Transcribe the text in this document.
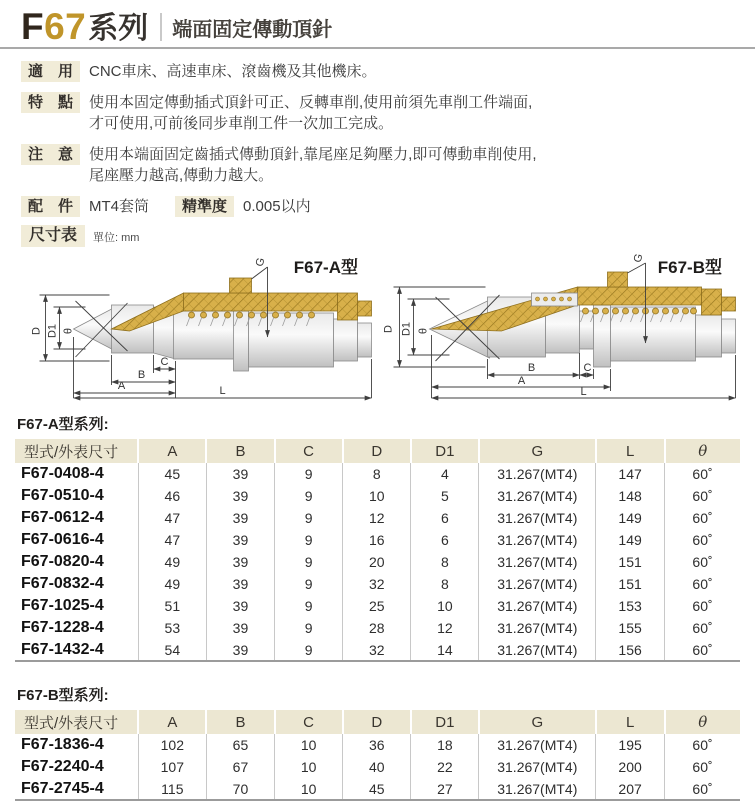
F67 系列 端面固定傳動頂針
適　用	CNC車床、高速車床、滾齒機及其他機床。
特　點	使用本固定傳動插式頂針可正、反轉車削,使用前須先車削工件端面,
才可使用,可前後同步車削工件一次加工完成。
注　意	使用本端面固定齒插式傳動頂針,靠尾座足夠壓力,即可傳動車削使用,
尾座壓力越高,傳動力越大。
配　件	MT4套筒	精準度	0.005以内
尺寸表	單位: mm
F67-A型
D D1 θ
G
C
B
A	L
F67-B型
D D1 θ
G
B	C
A
L
F67-A型系列:
型式/外表尺寸	A	B	C	D	D1	G	L	θ
F67-0408-4	45	39	9	8	4	31.267(MT4)	147	60˚
F67-0510-4	46	39	9	10	5	31.267(MT4)	148	60˚
F67-0612-4	47	39	9	12	6	31.267(MT4)	149	60˚
F67-0616-4	47	39	9	16	6	31.267(MT4)	149	60˚
F67-0820-4	49	39	9	20	8	31.267(MT4)	151	60˚
F67-0832-4	49	39	9	32	8	31.267(MT4)	151	60˚
F67-1025-4	51	39	9	25	10	31.267(MT4)	153	60˚
F67-1228-4	53	39	9	28	12	31.267(MT4)	155	60˚
F67-1432-4	54	39	9	32	14	31.267(MT4)	156	60˚
F67-B型系列:
型式/外表尺寸	A	B	C	D	D1	G	L	θ
F67-1836-4	102	65	10	36	18	31.267(MT4)	195	60˚
F67-2240-4	107	67	10	40	22	31.267(MT4)	200	60˚
F67-2745-4	115	70	10	45	27	31.267(MT4)	207	60˚
